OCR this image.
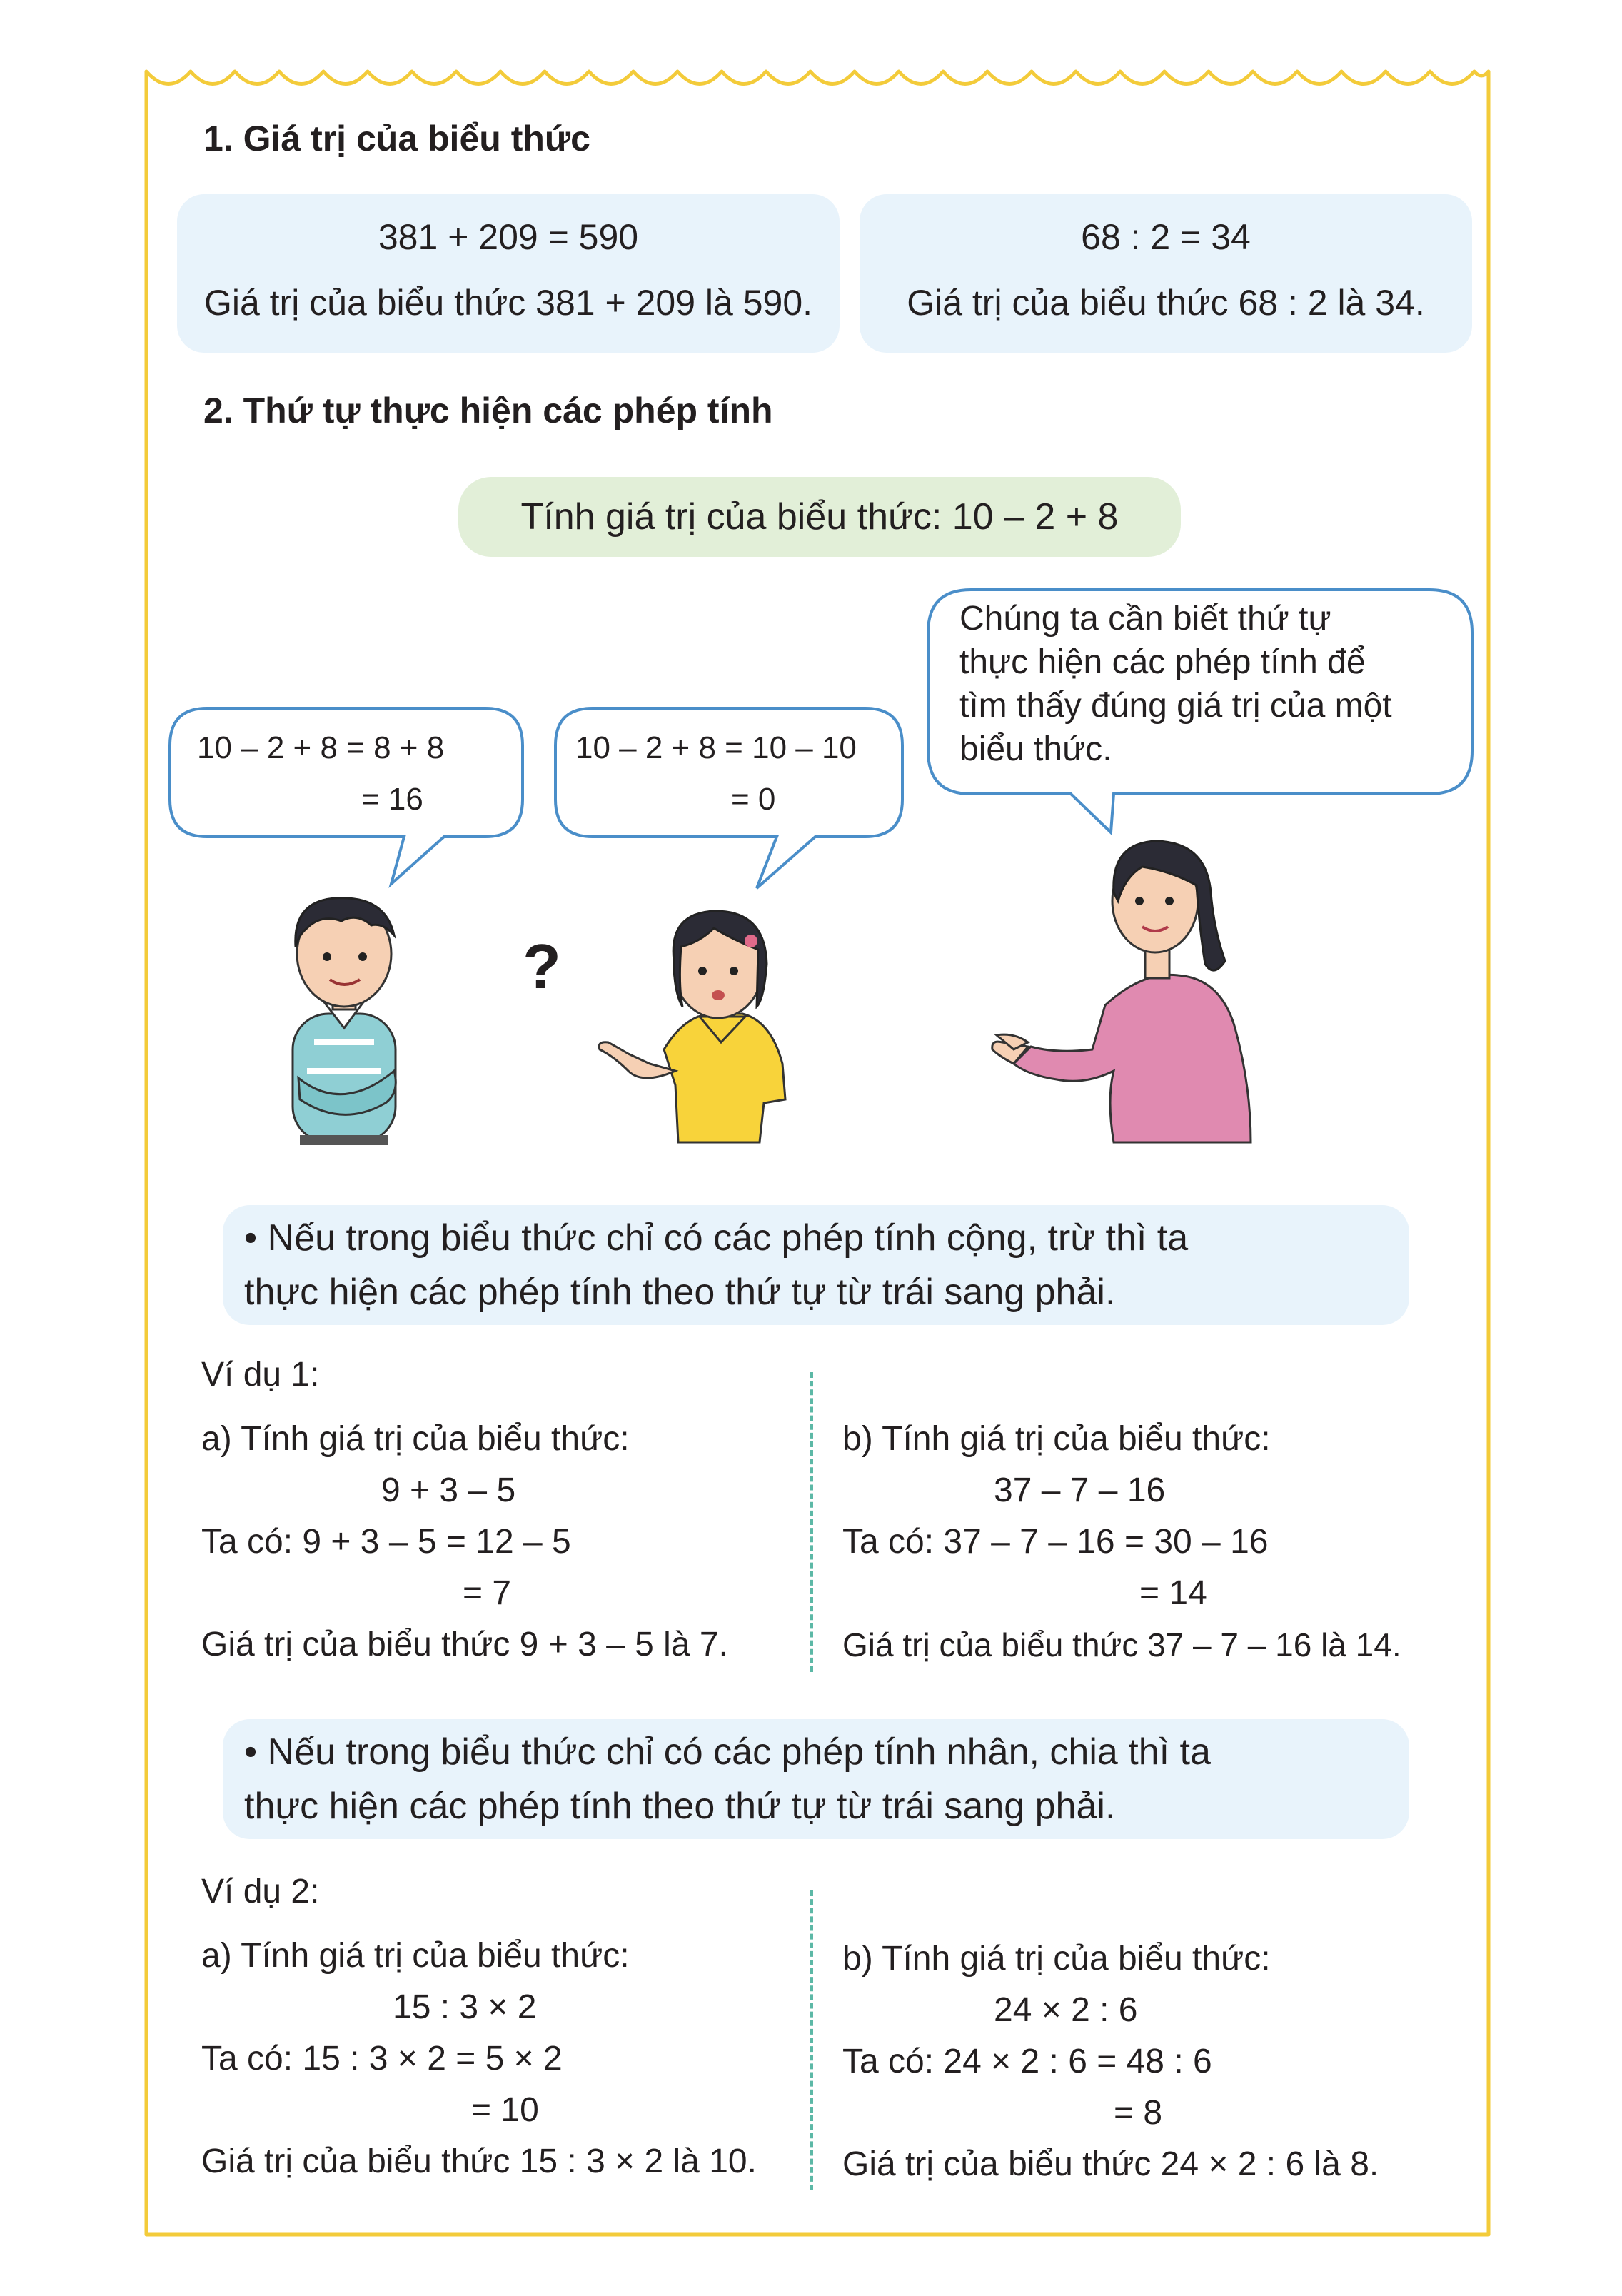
1. Giá trị của biểu thức
381 + 209 = 590
Giá trị của biểu thức 381 + 209 là 590.
68 : 2 = 34
Giá trị của biểu thức 68 : 2 là 34.
2. Thứ tự thực hiện các phép tính
Tính giá trị của biểu thức: 10 – 2 + 8
10 – 2 + 8 = 8 + 8
= 16
10 – 2 + 8 = 10 – 10
= 0
Chúng ta cần biết thứ tự
thực hiện các phép tính để
tìm thấy đúng giá trị của một
biểu thức.
?
• Nếu trong biểu thức chỉ có các phép tính cộng, trừ thì ta
thực hiện các phép tính theo thứ tự từ trái sang phải.
Ví dụ 1:
a) Tính giá trị của biểu thức:
9 + 3 – 5
Ta có: 9 + 3 – 5 = 12 – 5
= 7
Giá trị của biểu thức 9 + 3 – 5 là 7.
b) Tính giá trị của biểu thức:
37 – 7 – 16
Ta có: 37 – 7 – 16 = 30 – 16
= 14
Giá trị của biểu thức 37 – 7 – 16 là 14.
• Nếu trong biểu thức chỉ có các phép tính nhân, chia thì ta
thực hiện các phép tính theo thứ tự từ trái sang phải.
Ví dụ 2:
a) Tính giá trị của biểu thức:
15 : 3 × 2
Ta có: 15 : 3 × 2 = 5 × 2
= 10
Giá trị của biểu thức 15 : 3 × 2 là 10.
b) Tính giá trị của biểu thức:
24 × 2 : 6
Ta có: 24 × 2 : 6 = 48 : 6
= 8
Giá trị của biểu thức 24 × 2 : 6 là 8.
